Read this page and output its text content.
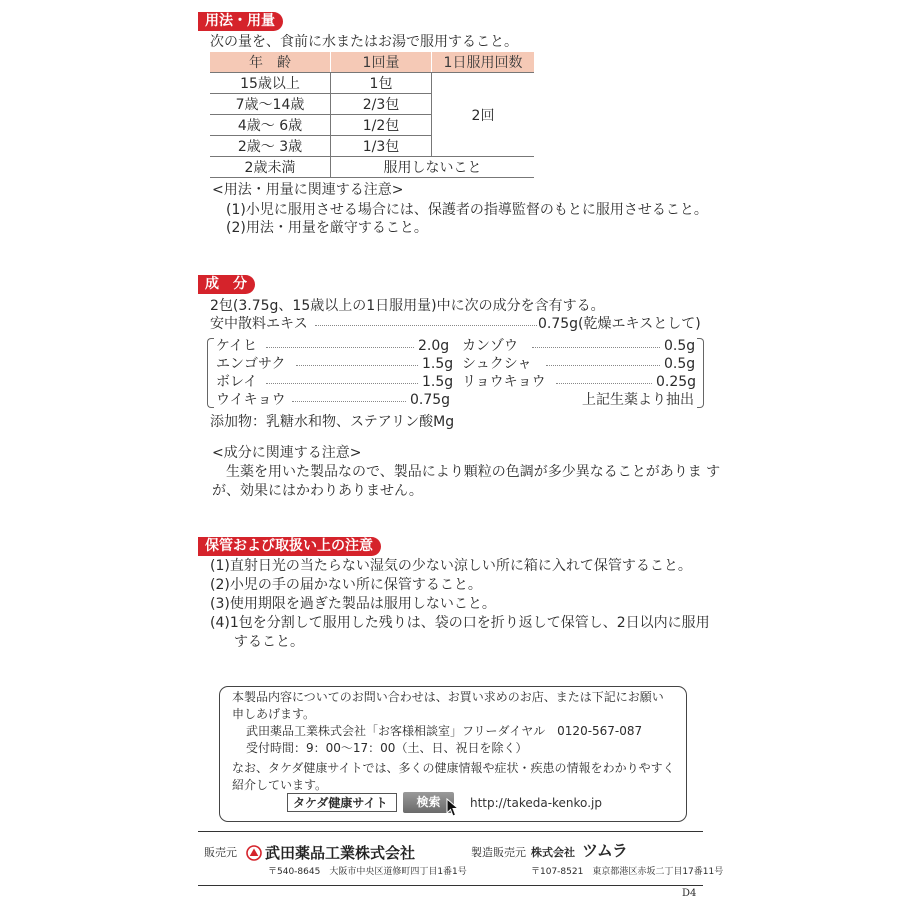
用法・用量
次の量を、食前に水またはお湯で服用すること。
年　齢	1回量	1日服用回数
15歳以上	1包	2回
7歳〜14歳	2/3包	
4歳〜 6歳	1/2包	
2歳〜 3歳	1/3包	
2歳未満	服用しないこと	
<用法・用量に関連する注意>
(1)小児に服用させる場合には、保護者の指導監督のもとに服用させること。
(2)用法・用量を厳守すること。
成　分
2包(3.75g、15歳以上の1日服用量)中に次の成分を含有する。
安中散料エキス	0.75g(乾燥エキスとして)
ケイヒ	2.0g
エンゴサク	1.5g
ボレイ	1.5g
ウイキョウ	0.75g
カンゾウ	0.5g
シュクシャ	0.5g
リョウキョウ	0.25g
上記生薬より抽出
添加物：乳糖水和物、ステアリン酸Mg
<成分に関連する注意>
生薬を用いた製品なので、製品により顆粒の色調が多少異なることがありま す
が、効果にはかわりありません。
保管および取扱い上の注意
(1)直射日光の当たらない湿気の少ない涼しい所に箱に入れて保管すること。
(2)小児の手の届かない所に保管すること。
(3)使用期限を過ぎた製品は服用しないこと。
(4)1包を分割して服用した残りは、袋の口を折り返して保管し、2日以内に服用
すること。
本製品内容についてのお問い合わせは、お買い求めのお店、または下記にお願い
申しあげます。
武田薬品工業株式会社「お客様相談室」フリーダイヤル　0120-567-087
受付時間：9：00〜17：00（土、日、祝日を除く）
なお、タケダ健康サイトでは、多くの健康情報や症状・疾患の情報をわかりやすく
紹介しています。
タケダ健康サイト	検索	http://takeda-kenko.jp
販売元 武田薬品工業株式会社
〒540-8645　大阪市中央区道修町四丁目1番1号
製造販売元 株式会社 ツムラ
〒107-8521　東京都港区赤坂二丁目17番11号
D4
